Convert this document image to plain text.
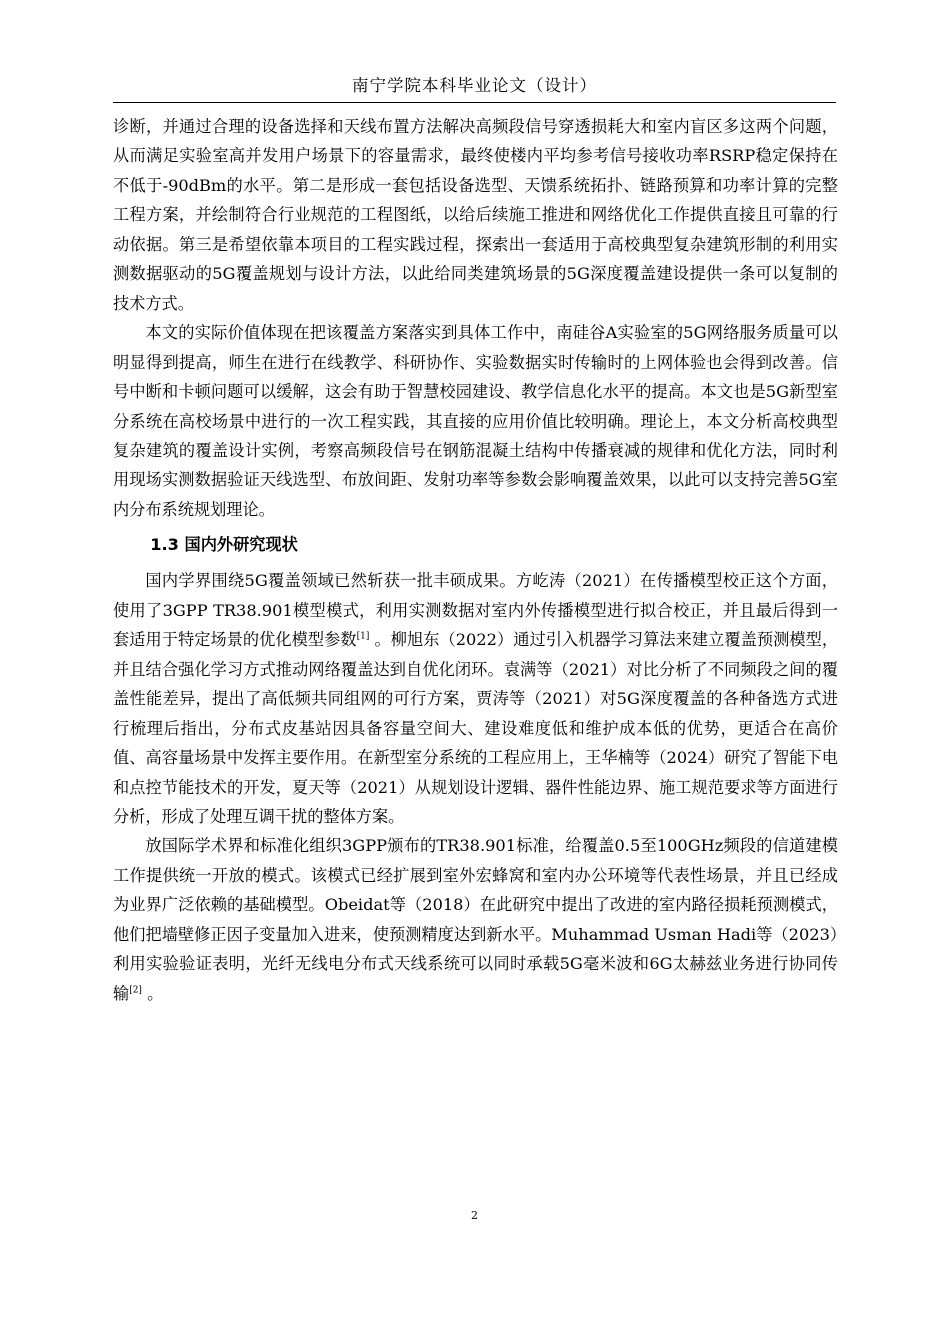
南宁学院本科毕业论文（设计）

诊断，并通过合理的设备选择和天线布置方法解决高频段信号穿透损耗大和室内盲区多这两个问题，从而满足实验室高并发用户场景下的容量需求，最终使楼内平均参考信号接收功率RSRP稳定保持在不低于-90dBm的水平。第二是形成一套包括设备选型、天馈系统拓扑、链路预算和功率计算的完整工程方案，并绘制符合行业规范的工程图纸，以给后续施工推进和网络优化工作提供直接且可靠的行动依据。第三是希望依靠本项目的工程实践过程，探索出一套适用于高校典型复杂建筑形制的利用实测数据驱动的5G覆盖规划与设计方法，以此给同类建筑场景的5G深度覆盖建设提供一条可以复制的技术方式。

本文的实际价值体现在把该覆盖方案落实到具体工作中，南硅谷A实验室的5G网络服务质量可以明显得到提高，师生在进行在线教学、科研协作、实验数据实时传输时的上网体验也会得到改善。信号中断和卡顿问题可以缓解，这会有助于智慧校园建设、教学信息化水平的提高。本文也是5G新型室分系统在高校场景中进行的一次工程实践，其直接的应用价值比较明确。理论上，本文分析高校典型复杂建筑的覆盖设计实例，考察高频段信号在钢筋混凝土结构中传播衰减的规律和优化方法，同时利用现场实测数据验证天线选型、布放间距、发射功率等参数会影响覆盖效果，以此可以支持完善5G室内分布系统规划理论。

1.3 国内外研究现状

国内学界围绕5G覆盖领域已然斩获一批丰硕成果。方屹涛（2021）在传播模型校正这个方面，使用了3GPP TR38.901模型模式，利用实测数据对室内外传播模型进行拟合校正，并且最后得到一套适用于特定场景的优化模型参数[1] 。柳旭东（2022）通过引入机器学习算法来建立覆盖预测模型，并且结合强化学习方式推动网络覆盖达到自优化闭环。袁满等（2021）对比分析了不同频段之间的覆盖性能差异，提出了高低频共同组网的可行方案，贾涛等（2021）对5G深度覆盖的各种备选方式进行梳理后指出，分布式皮基站因具备容量空间大、建设难度低和维护成本低的优势，更适合在高价值、高容量场景中发挥主要作用。在新型室分系统的工程应用上，王华楠等（2024）研究了智能下电和点控节能技术的开发，夏天等（2021）从规划设计逻辑、器件性能边界、施工规范要求等方面进行分析，形成了处理互调干扰的整体方案。

放国际学术界和标准化组织3GPP颁布的TR38.901标准，给覆盖0.5至100GHz频段的信道建模工作提供统一开放的模式。该模式已经扩展到室外宏蜂窝和室内办公环境等代表性场景，并且已经成为业界广泛依赖的基础模型。Obeidat等（2018）在此研究中提出了改进的室内路径损耗预测模式，他们把墙壁修正因子变量加入进来，使预测精度达到新水平。Muhammad Usman Hadi等（2023）利用实验验证表明，光纤无线电分布式天线系统可以同时承载5G毫米波和6G太赫兹业务进行协同传输[2] 。

2
